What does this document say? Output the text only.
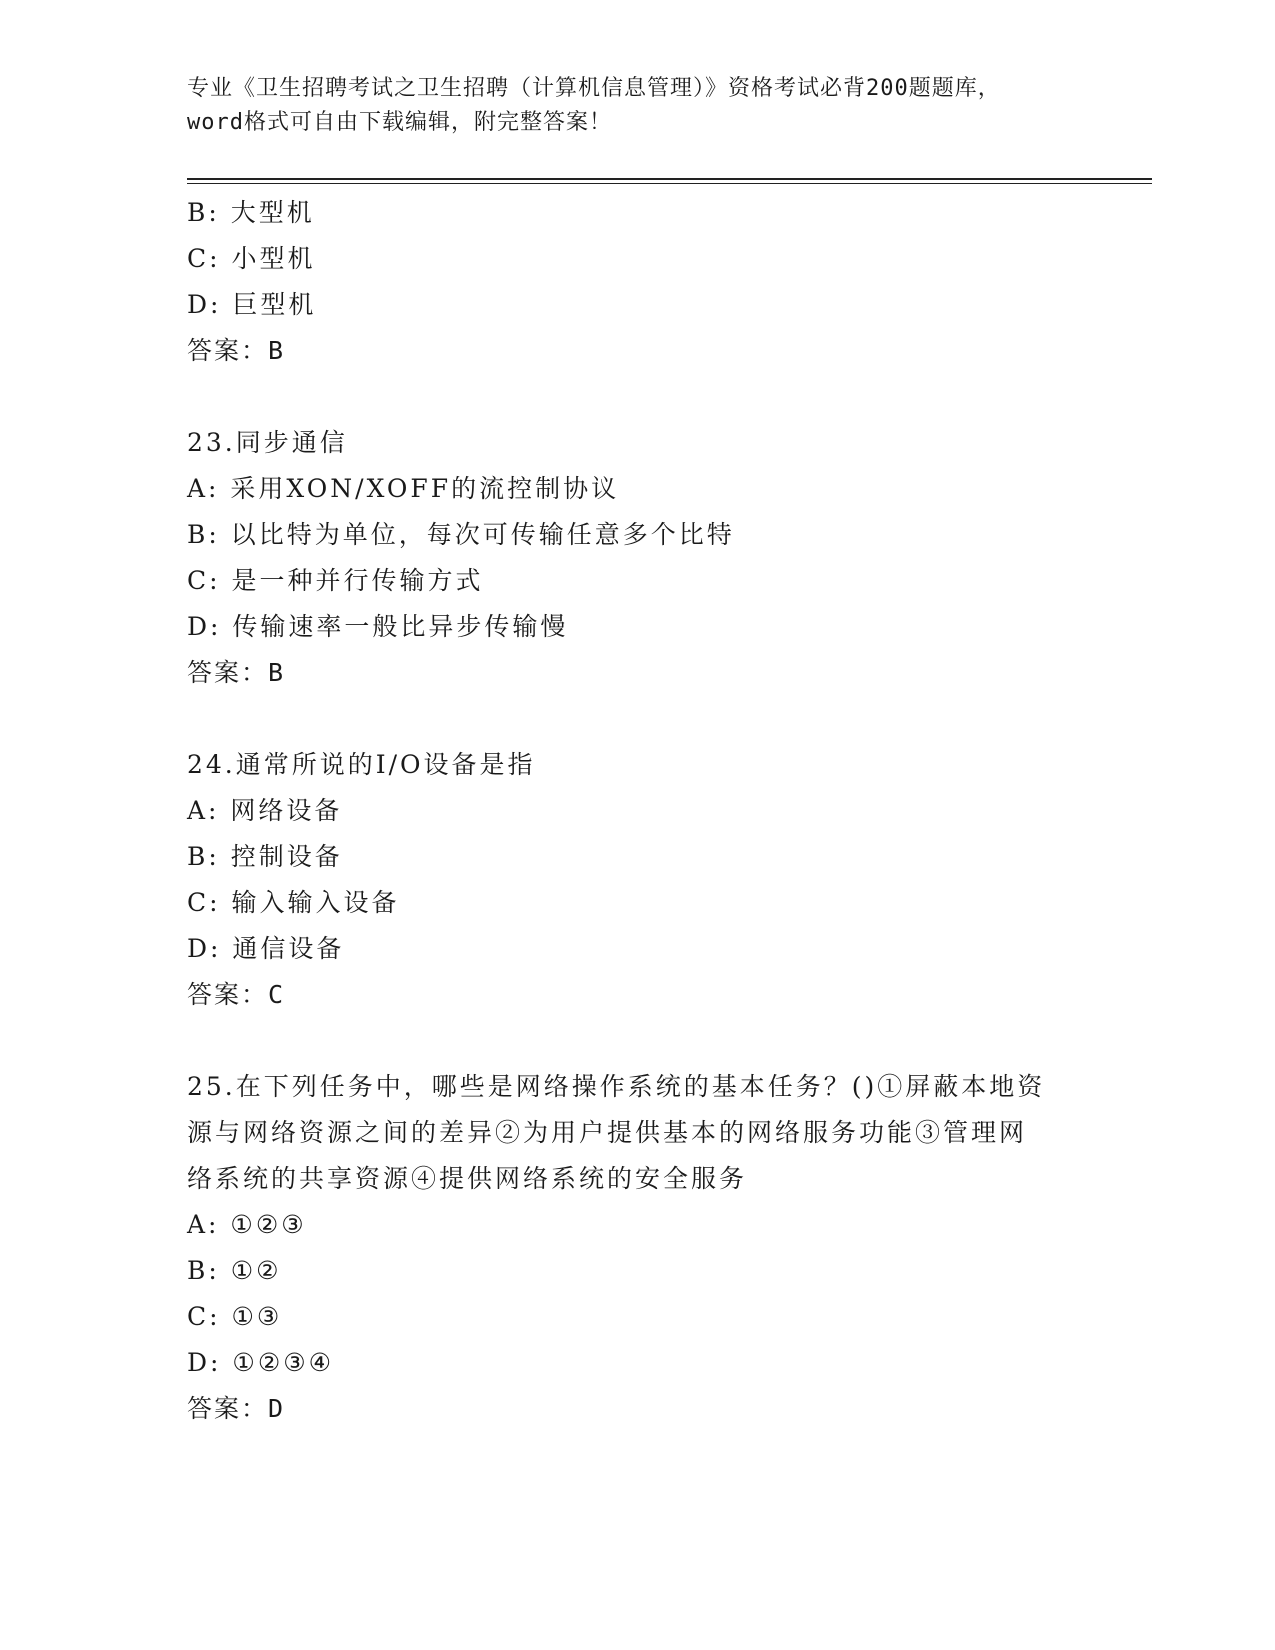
专业《卫生招聘考试之卫生招聘（计算机信息管理）》资格考试必背200题题库，
word格式可自由下载编辑，附完整答案！
B: 大型机
C: 小型机
D: 巨型机
答案：B
23.同步通信
A: 采用XON/XOFF的流控制协议
B: 以比特为单位，每次可传输任意多个比特
C: 是一种并行传输方式
D: 传输速率一般比异步传输慢
答案：B
24.通常所说的I/O设备是指
A: 网络设备
B: 控制设备
C: 输入输入设备
D: 通信设备
答案：C
25.在下列任务中，哪些是网络操作系统的基本任务？()①屏蔽本地资
源与网络资源之间的差异②为用户提供基本的网络服务功能③管理网
络系统的共享资源④提供网络系统的安全服务
A: ①②③
B: ①②
C: ①③
D: ①②③④
答案：D
